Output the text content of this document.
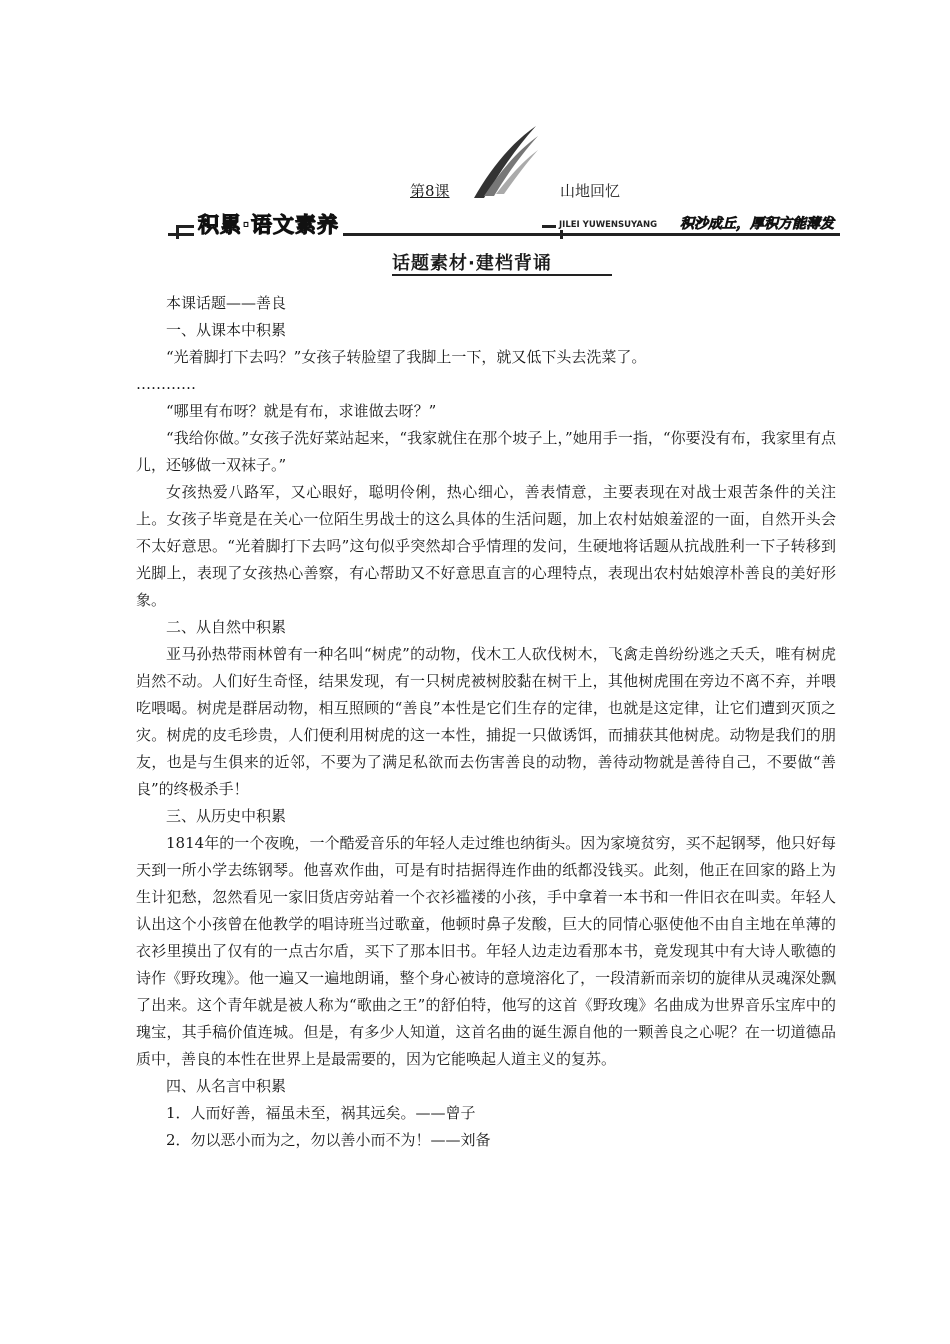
第8课	山地回忆
积累·语文素养	JILEI YUWENSUYANG 积沙成丘，厚积方能薄发
话题素材·建档背诵

本课话题——善良

一、从课本中积累

“光着脚打下去吗？”女孩子转脸望了我脚上一下，就又低下头去洗菜了。

…………

“哪里有布呀？就是有布，求谁做去呀？”

“我给你做。”女孩子洗好菜站起来，“我家就住在那个坡子上，”她用手一指，“你要没有布，我家里有点儿，还够做一双袜子。”

女孩热爱八路军，又心眼好，聪明伶俐，热心细心，善表情意，主要表现在对战士艰苦条件的关注上。女孩子毕竟是在关心一位陌生男战士的这么具体的生活问题，加上农村姑娘羞涩的一面，自然开头会不太好意思。“光着脚打下去吗”这句似乎突然却合乎情理的发问，生硬地将话题从抗战胜利一下子转移到光脚上，表现了女孩热心善察，有心帮助又不好意思直言的心理特点，表现出农村姑娘淳朴善良的美好形象。

二、从自然中积累

亚马孙热带雨林曾有一种名叫“树虎”的动物，伐木工人砍伐树木，飞禽走兽纷纷逃之夭夭，唯有树虎岿然不动。人们好生奇怪，结果发现，有一只树虎被树胶黏在树干上，其他树虎围在旁边不离不弃，并喂吃喂喝。树虎是群居动物，相互照顾的“善良”本性是它们生存的定律，也就是这定律，让它们遭到灭顶之灾。树虎的皮毛珍贵，人们便利用树虎的这一本性，捕捉一只做诱饵，而捕获其他树虎。动物是我们的朋友，也是与生俱来的近邻，不要为了满足私欲而去伤害善良的动物，善待动物就是善待自己，不要做“善良”的终极杀手！

三、从历史中积累

1814年的一个夜晚，一个酷爱音乐的年轻人走过维也纳街头。因为家境贫穷，买不起钢琴，他只好每天到一所小学去练钢琴。他喜欢作曲，可是有时拮据得连作曲的纸都没钱买。此刻，他正在回家的路上为生计犯愁，忽然看见一家旧货店旁站着一个衣衫褴褛的小孩，手中拿着一本书和一件旧衣在叫卖。年轻人认出这个小孩曾在他教学的唱诗班当过歌童，他顿时鼻子发酸，巨大的同情心驱使他不由自主地在单薄的衣衫里摸出了仅有的一点古尔盾，买下了那本旧书。年轻人边走边看那本书，竟发现其中有大诗人歌德的诗作《野玫瑰》。他一遍又一遍地朗诵，整个身心被诗的意境溶化了，一段清新而亲切的旋律从灵魂深处飘了出来。这个青年就是被人称为“歌曲之王”的舒伯特，他写的这首《野玫瑰》名曲成为世界音乐宝库中的瑰宝，其手稿价值连城。但是，有多少人知道，这首名曲的诞生源自他的一颗善良之心呢？在一切道德品质中，善良的本性在世界上是最需要的，因为它能唤起人道主义的复苏。

四、从名言中积累

1．人而好善，福虽未至，祸其远矣。——曾子

2．勿以恶小而为之，勿以善小而不为！——刘备
